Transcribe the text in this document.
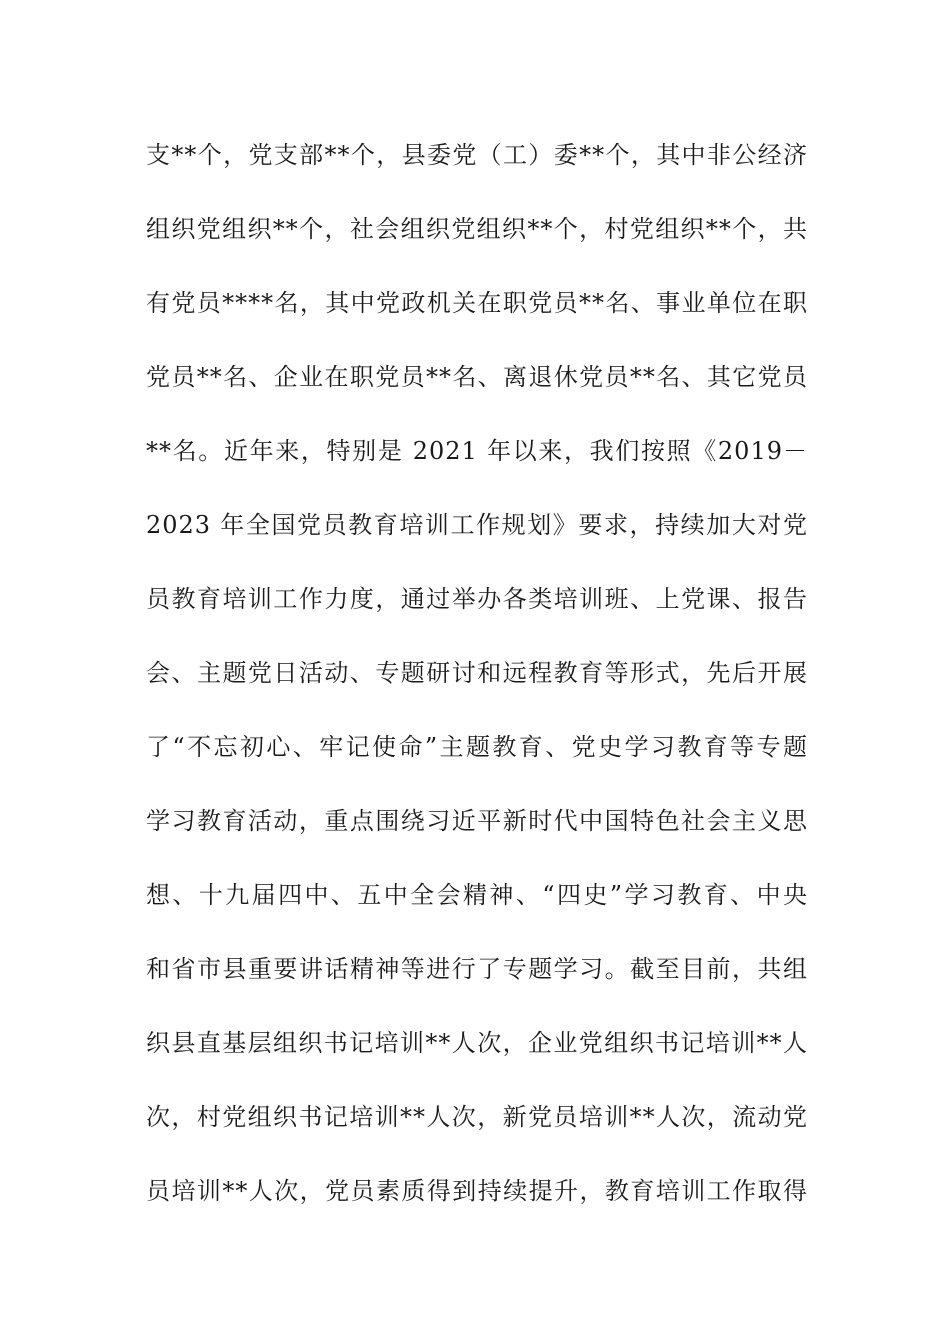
支**个，党支部**个，县委党（工）委**个，其中非公经济
组织党组织**个，社会组织党组织**个，村党组织**个，共
有党员****名，其中党政机关在职党员**名、事业单位在职
党员**名、企业在职党员**名、离退休党员**名、其它党员
**名。近年来，特别是 2021 年以来，我们按照《2019－
2023 年全国党员教育培训工作规划》要求，持续加大对党
员教育培训工作力度，通过举办各类培训班、上党课、报告
会、主题党日活动、专题研讨和远程教育等形式，先后开展
了“不忘初心、牢记使命”主题教育、党史学习教育等专题
学习教育活动，重点围绕习近平新时代中国特色社会主义思
想、十九届四中、五中全会精神、“四史”学习教育、中央
和省市县重要讲话精神等进行了专题学习。截至目前，共组
织县直基层组织书记培训**人次，企业党组织书记培训**人
次，村党组织书记培训**人次，新党员培训**人次，流动党
员培训**人次，党员素质得到持续提升，教育培训工作取得
